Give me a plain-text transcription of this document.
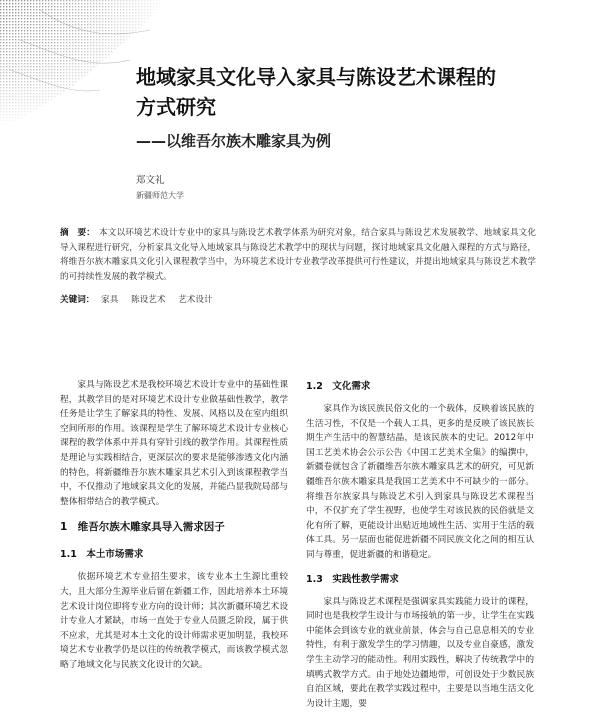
地域家具文化导入家具与陈设艺术课程的
方式研究
——以维吾尔族木雕家具为例
郑文礼
新疆师范大学

摘　要： 本文以环境艺术设计专业中的家具与陈设艺术教学体系为研究对象，结合家具与陈设艺术发展教学、地域家具文化导入课程进行研究，分析家具文化导入地域家具与陈设艺术教学中的现状与问题，探讨地域家具文化融入课程的方式与路径，将维吾尔族木雕家具文化引入课程教学当中，为环境艺术设计专业教学改革提供可行性建议，并提出地域家具与陈设艺术教学的可持续性发展的教学模式。

关键词： 家具 陈设艺术 艺术设计

家具与陈设艺术是我校环境艺术设计专业中的基础性课程，其教学目的是对环境艺术设计专业做基础性教学，教学任务是让学生了解家具的特性、发展、风格以及在室内组织空间所形的作用。该课程是学生了解环境艺术设计专业核心课程的教学体系中并具有穿针引线的教学作用。其课程性质是理论与实践相结合，更深层次的要求是能够渗透文化内涵的特色，将新疆维吾尔族木雕家具艺术引入到该课程教学当中，不仅推动了地域家具文化的发展，并能凸显我院局部与整体相带结合的教学模式。

1　维吾尔族木雕家具导入需求因子
1.1　本土市场需求

依据环境艺术专业招生要求，该专业本土生源比重较大，且大部分生源毕业后留在新疆工作，因此培养本土环境艺术设计岗位即将专业方向的设计师；其次新疆环境艺术设计专业人才紧缺，市场一直处于专业人员匮乏阶段，属于供不应求，尤其是对本土文化的设计师需求更加明显，我校环境艺术专业教学仍是以往的传统教学模式，而该教学模式忽略了地域文化与民族文化设计的欠缺。

1.2　文化需求

家具作为该民族民俗文化的一个载体，反映着该民族的生活习性，不仅是一个载人工具，更多的是反映了该民族长期生产生活中的智慧结晶，是该民族本的史记。2012年中国工艺美术协会公示公告《中国工艺美术全集》的编撰中，新疆卷就包含了新疆维吾尔族木雕家具艺术的研究，可见新疆维吾尔族木雕家具是我国工艺美术中不可缺少的一部分。将维吾尔族家具与陈设艺术引入到家具与陈设艺术课程当中，不仅扩充了学生视野，也使学生对该民族的民俗就是文化有所了解，更能设计出贴近地域性生活、实用于生活的载体工具。另一层面也能促进新疆不同民族文化之间的相互认同与尊重，促进新疆的和谐稳定。

1.3　实践性教学需求

家具与陈设艺术课程是强调家具实践能力设计的课程，同时也是我校学生设计与市场接轨的第一步，让学生在实践中能体会到该专业的就业前景，体会与自己息息相关的专业特性，有利于激发学生的学习情趣，以及专业自豪感，激发学生主动学习的能动性。利用实践性，解决了传统教学中的填鸭式教学方式。由于地处边疆地带，可创设处于少数民族自治区域，要此在教学实践过程中，主要是以当地生活文化为设计主题，要
